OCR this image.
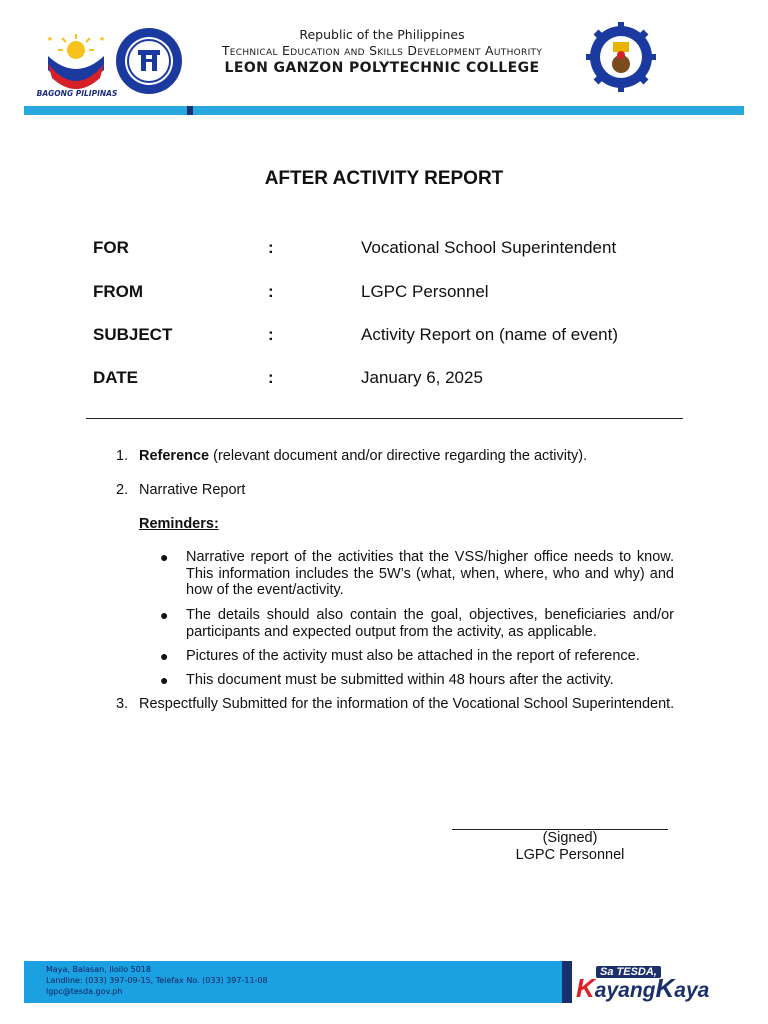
BAGONG PILIPINAS
Republic of the Philippines
Technical Education and Skills Development Authority
LEON GANZON POLYTECHNIC COLLEGE
AFTER ACTIVITY REPORT
FOR	:	Vocational School Superintendent
FROM	:	LGPC Personnel
SUBJECT	:	Activity Report on (name of event)
DATE	:	January 6, 2025
1. Reference (relevant document and/or directive regarding the activity).
2. Narrative Report
Reminders:
● Narrative report of the activities that the VSS/higher office needs to know. This information includes the 5W’s (what, when, where, who and why) and how of the event/activity.
● The details should also contain the goal, objectives, beneficiaries and/or participants and expected output from the activity, as applicable.
● Pictures of the activity must also be attached in the report of reference.
● This document must be submitted within 48 hours after the activity.
3. Respectfully Submitted for the information of the Vocational School Superintendent.
(Signed)
LGPC Personnel
Maya, Balasan, Iloilo 5018
Landline: (033) 397-09-15, Telefax No. (033) 397-11-08
lgpc@tesda.gov.ph
Sa TESDA,
KayangKaya
